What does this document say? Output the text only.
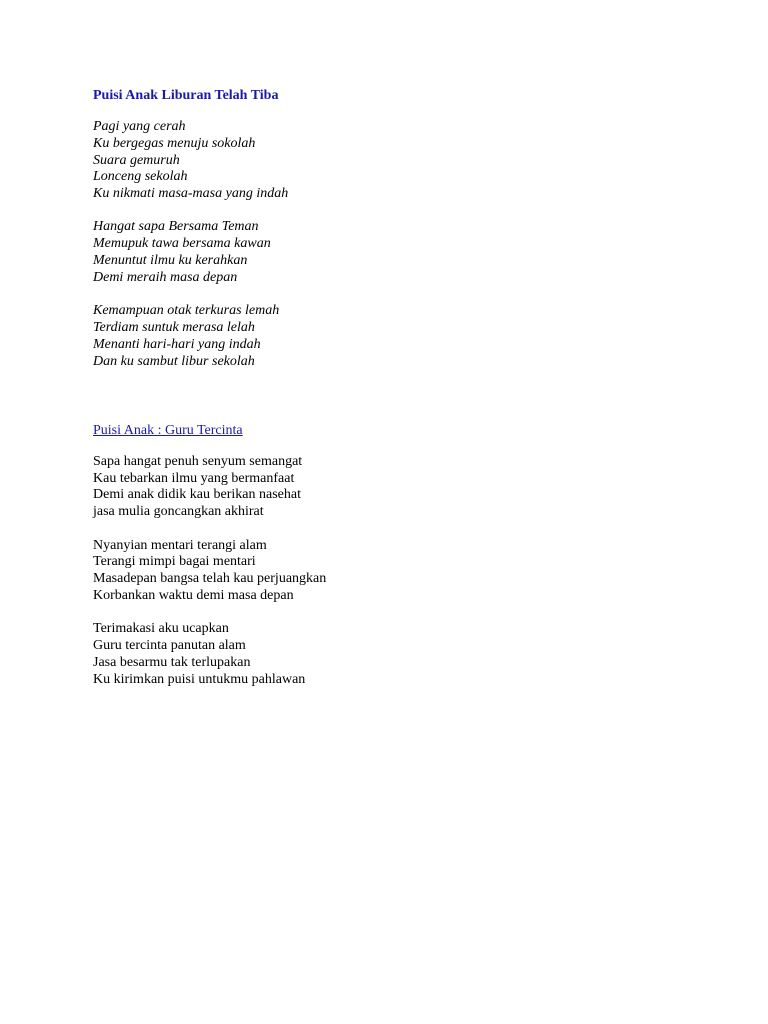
Puisi Anak Liburan Telah Tiba
Pagi yang cerah
Ku bergegas menuju sokolah
Suara gemuruh
Lonceng sekolah
Ku nikmati masa-masa yang indah
Hangat sapa Bersama Teman
Memupuk tawa bersama kawan
Menuntut ilmu ku kerahkan
Demi meraih masa depan
Kemampuan otak terkuras lemah
Terdiam suntuk merasa lelah
Menanti hari-hari yang indah
Dan ku sambut libur sekolah
Puisi Anak : Guru Tercinta
Sapa hangat penuh senyum semangat
Kau tebarkan ilmu yang bermanfaat
Demi anak didik kau berikan nasehat
jasa mulia goncangkan akhirat
Nyanyian mentari terangi alam
Terangi mimpi bagai mentari
Masadepan bangsa telah kau perjuangkan
Korbankan waktu demi masa depan
Terimakasi aku ucapkan
Guru tercinta panutan alam
Jasa besarmu tak terlupakan
Ku kirimkan puisi untukmu pahlawan
